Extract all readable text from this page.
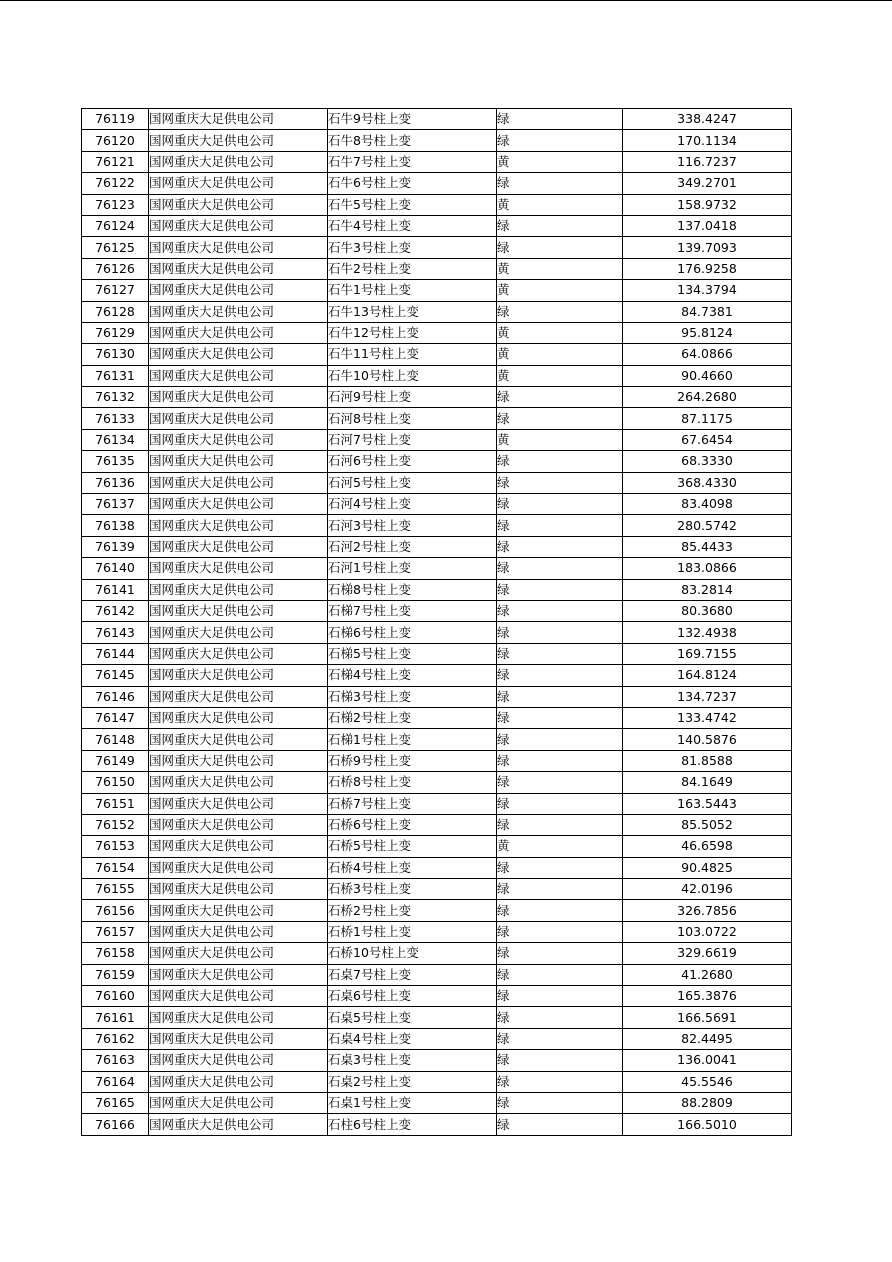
76119	国网重庆大足供电公司	石牛9号柱上变	绿	338.4247
76120	国网重庆大足供电公司	石牛8号柱上变	绿	170.1134
76121	国网重庆大足供电公司	石牛7号柱上变	黄	116.7237
76122	国网重庆大足供电公司	石牛6号柱上变	绿	349.2701
76123	国网重庆大足供电公司	石牛5号柱上变	黄	158.9732
76124	国网重庆大足供电公司	石牛4号柱上变	绿	137.0418
76125	国网重庆大足供电公司	石牛3号柱上变	绿	139.7093
76126	国网重庆大足供电公司	石牛2号柱上变	黄	176.9258
76127	国网重庆大足供电公司	石牛1号柱上变	黄	134.3794
76128	国网重庆大足供电公司	石牛13号柱上变	绿	84.7381
76129	国网重庆大足供电公司	石牛12号柱上变	黄	95.8124
76130	国网重庆大足供电公司	石牛11号柱上变	黄	64.0866
76131	国网重庆大足供电公司	石牛10号柱上变	黄	90.4660
76132	国网重庆大足供电公司	石河9号柱上变	绿	264.2680
76133	国网重庆大足供电公司	石河8号柱上变	绿	87.1175
76134	国网重庆大足供电公司	石河7号柱上变	黄	67.6454
76135	国网重庆大足供电公司	石河6号柱上变	绿	68.3330
76136	国网重庆大足供电公司	石河5号柱上变	绿	368.4330
76137	国网重庆大足供电公司	石河4号柱上变	绿	83.4098
76138	国网重庆大足供电公司	石河3号柱上变	绿	280.5742
76139	国网重庆大足供电公司	石河2号柱上变	绿	85.4433
76140	国网重庆大足供电公司	石河1号柱上变	绿	183.0866
76141	国网重庆大足供电公司	石梯8号柱上变	绿	83.2814
76142	国网重庆大足供电公司	石梯7号柱上变	绿	80.3680
76143	国网重庆大足供电公司	石梯6号柱上变	绿	132.4938
76144	国网重庆大足供电公司	石梯5号柱上变	绿	169.7155
76145	国网重庆大足供电公司	石梯4号柱上变	绿	164.8124
76146	国网重庆大足供电公司	石梯3号柱上变	绿	134.7237
76147	国网重庆大足供电公司	石梯2号柱上变	绿	133.4742
76148	国网重庆大足供电公司	石梯1号柱上变	绿	140.5876
76149	国网重庆大足供电公司	石桥9号柱上变	绿	81.8588
76150	国网重庆大足供电公司	石桥8号柱上变	绿	84.1649
76151	国网重庆大足供电公司	石桥7号柱上变	绿	163.5443
76152	国网重庆大足供电公司	石桥6号柱上变	绿	85.5052
76153	国网重庆大足供电公司	石桥5号柱上变	黄	46.6598
76154	国网重庆大足供电公司	石桥4号柱上变	绿	90.4825
76155	国网重庆大足供电公司	石桥3号柱上变	绿	42.0196
76156	国网重庆大足供电公司	石桥2号柱上变	绿	326.7856
76157	国网重庆大足供电公司	石桥1号柱上变	绿	103.0722
76158	国网重庆大足供电公司	石桥10号柱上变	绿	329.6619
76159	国网重庆大足供电公司	石桌7号柱上变	绿	41.2680
76160	国网重庆大足供电公司	石桌6号柱上变	绿	165.3876
76161	国网重庆大足供电公司	石桌5号柱上变	绿	166.5691
76162	国网重庆大足供电公司	石桌4号柱上变	绿	82.4495
76163	国网重庆大足供电公司	石桌3号柱上变	绿	136.0041
76164	国网重庆大足供电公司	石桌2号柱上变	绿	45.5546
76165	国网重庆大足供电公司	石桌1号柱上变	绿	88.2809
76166	国网重庆大足供电公司	石柱6号柱上变	绿	166.5010
